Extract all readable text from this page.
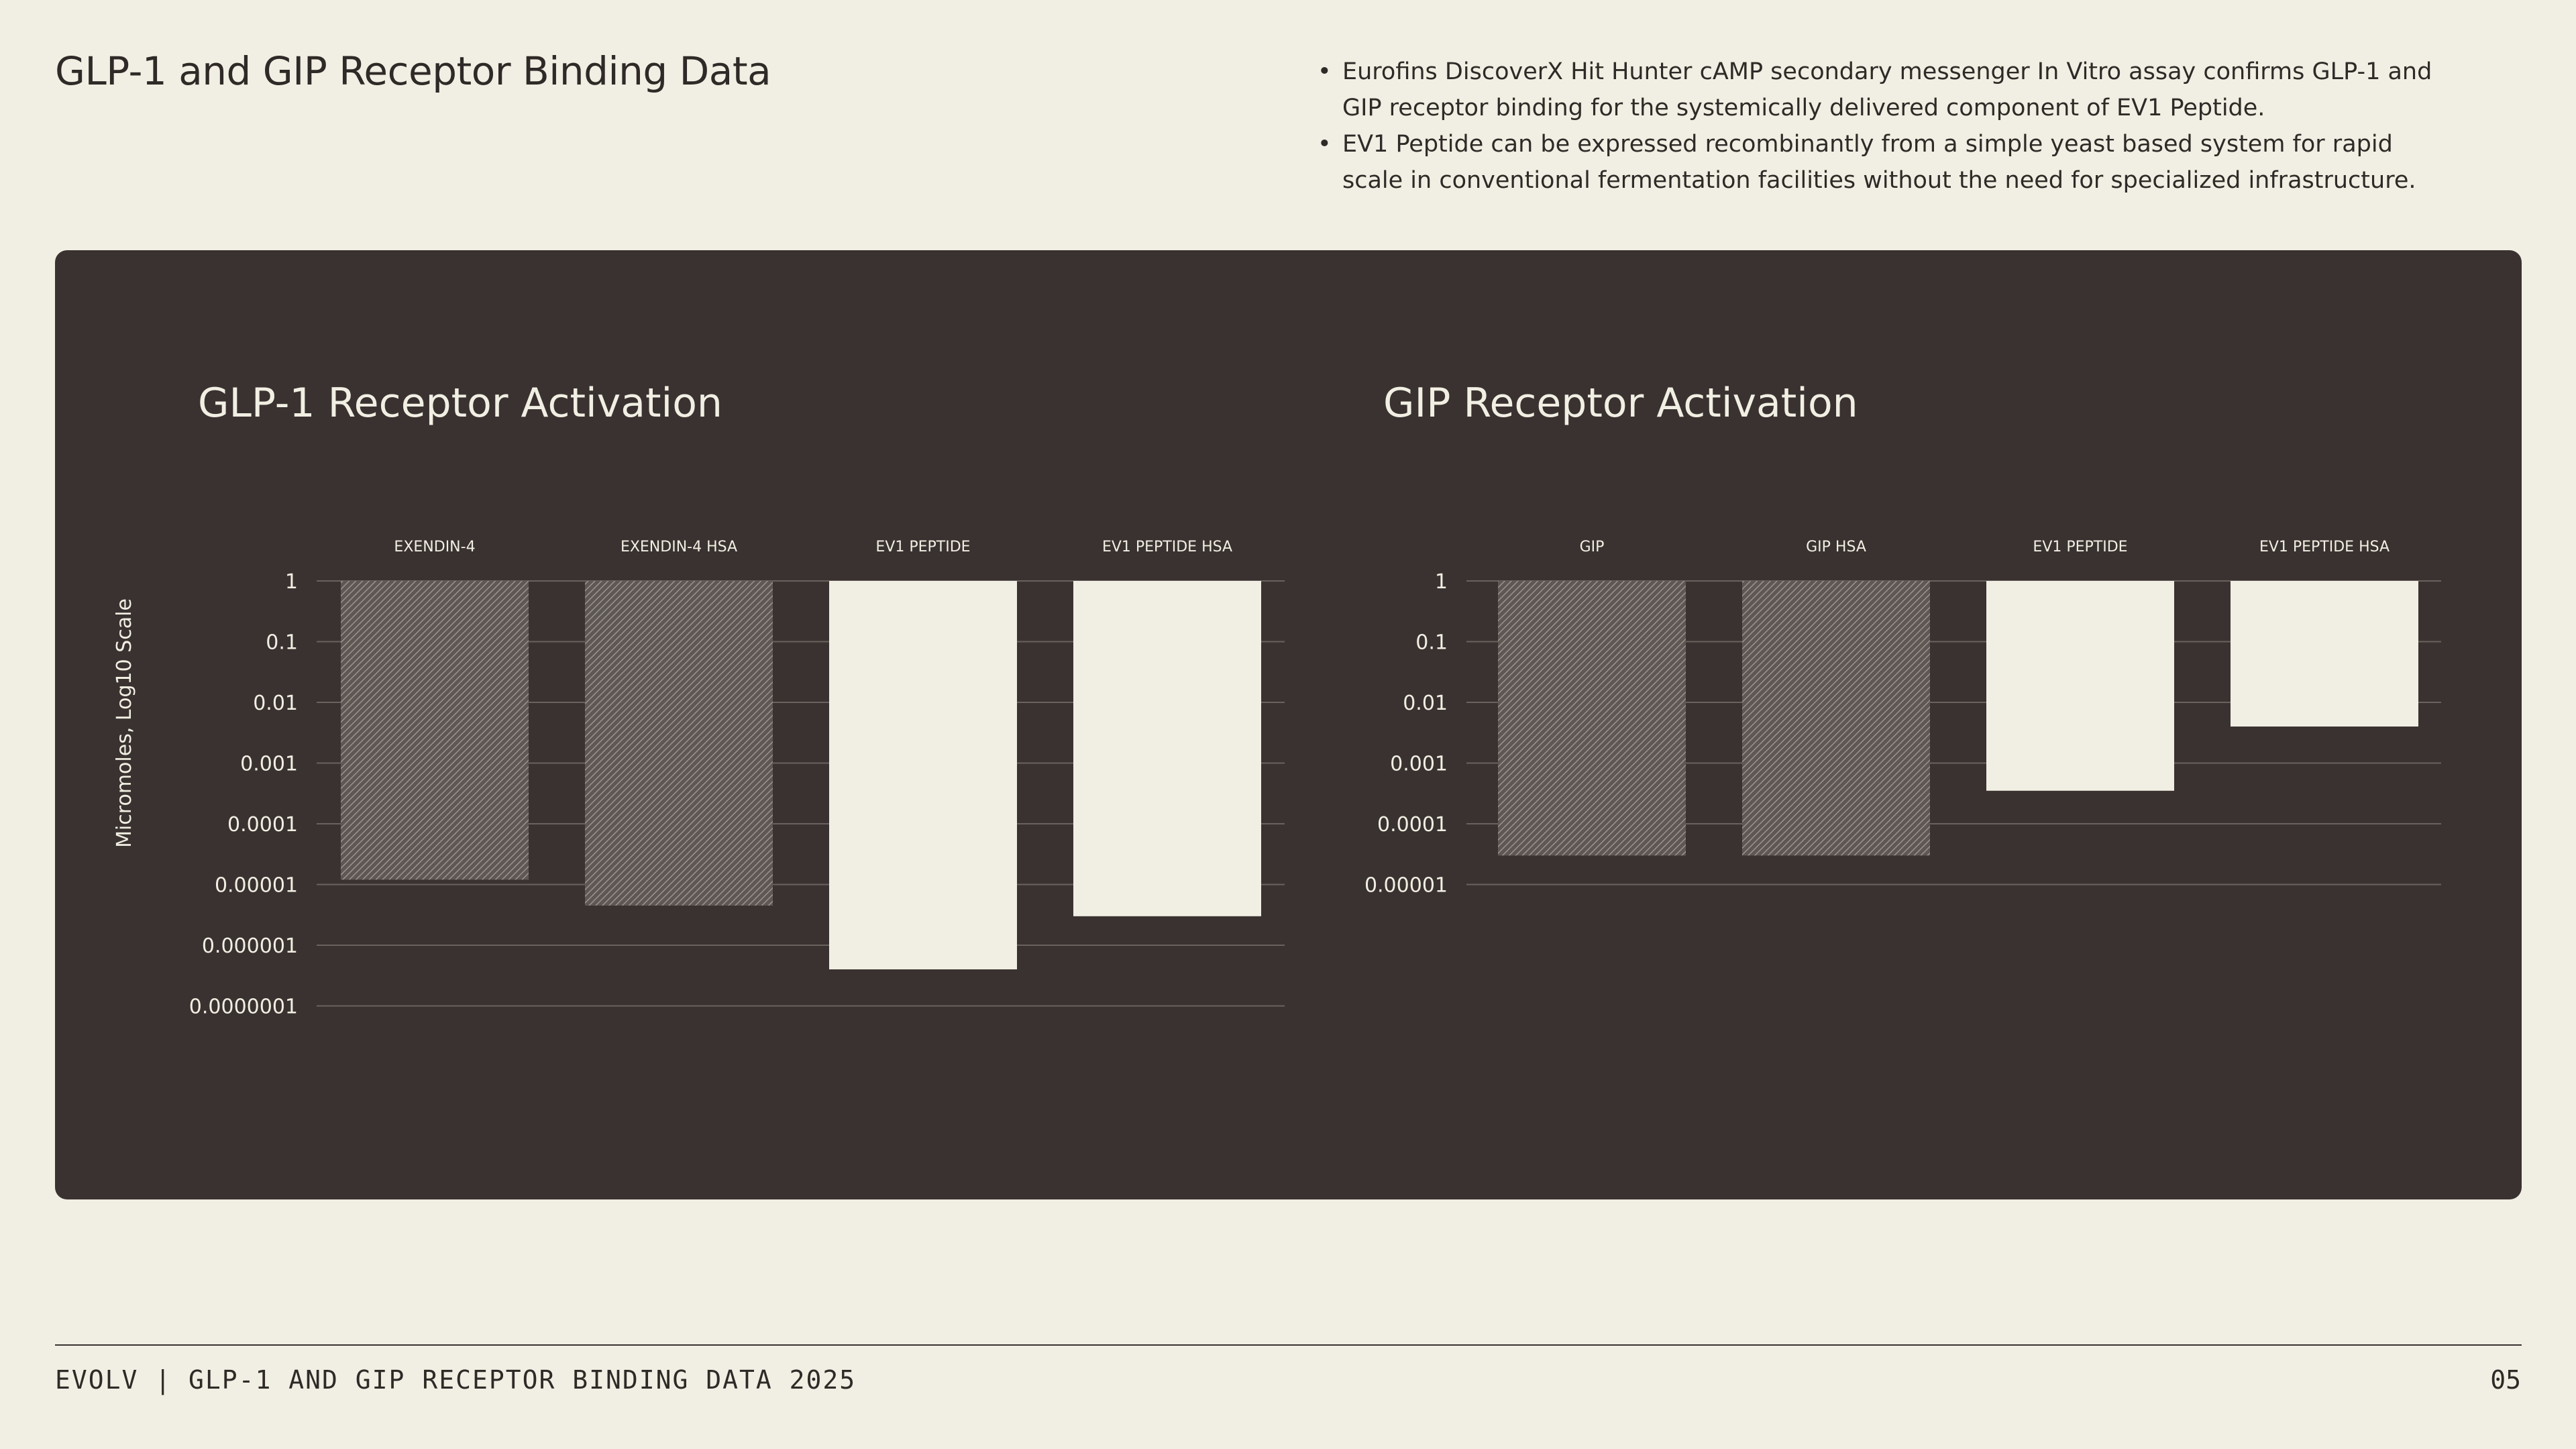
GLP-1 and GIP Receptor Binding Data
•	Eurofins DiscoverX Hit Hunter cAMP secondary messenger In Vitro assay confirms GLP-1 and GIP receptor binding for the systemically delivered component of EV1 Peptide.
• EV1 Peptide can be expressed recombinantly from a simple yeast based system for rapid scale in conventional fermentation facilities without the need for specialized infrastructure.
GLP-1 Receptor Activation
Micromoles, Log10 Scale
1
0.1
0.01
0.001
0.0001
0.00001
0.000001
0.0000001
EXENDIN-4	EXENDIN-4 HSA	EV1 PEPTIDE	EV1 PEPTIDE HSA
GIP Receptor Activation
1
0.1
0.01
0.001
0.0001
0.00001
GIP	GIP HSA	EV1 PEPTIDE	EV1 PEPTIDE HSA
EVOLV | GLP-1 AND GIP RECEPTOR BINDING DATA 2025	05
